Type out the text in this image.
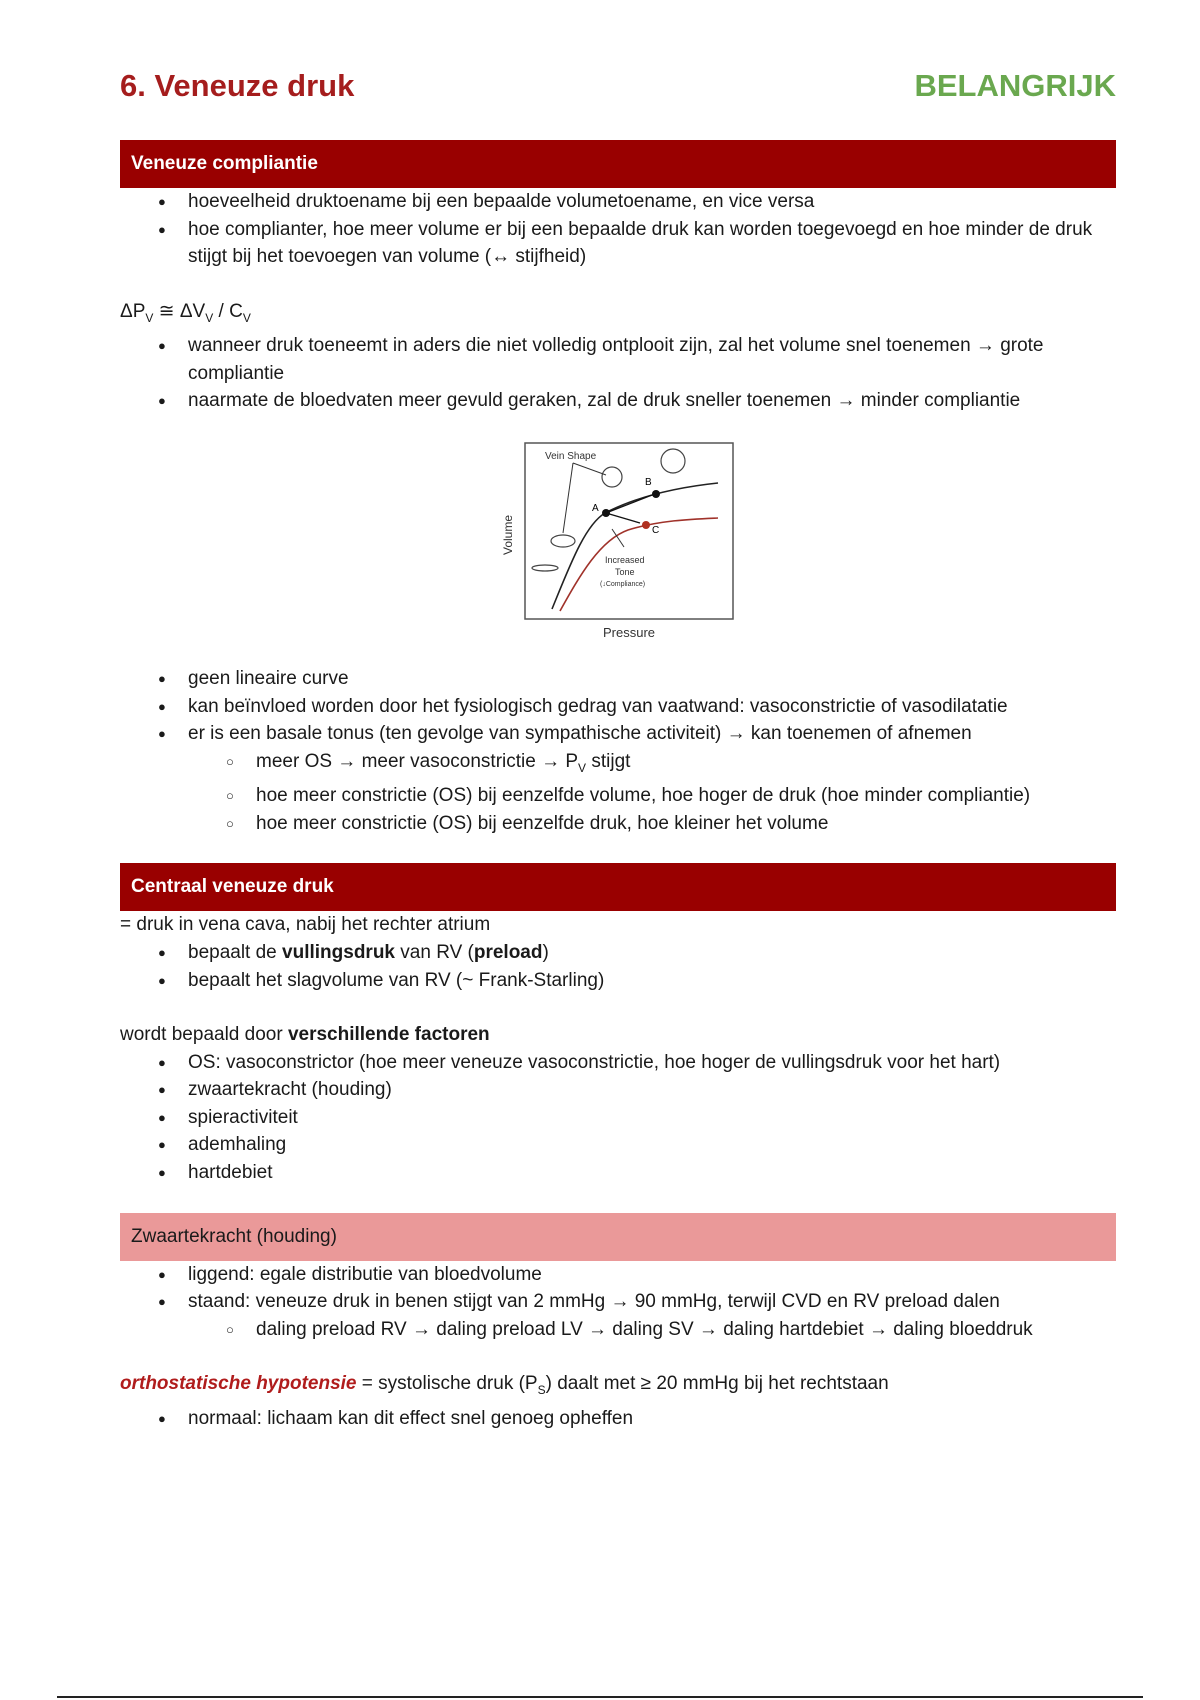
6. Veneuze druk	BELANGRIJK
Veneuze compliantie
● hoeveelheid druktoename bij een bepaalde volumetoename, en vice versa
● hoe complianter, hoe meer volume er bij een bepaalde druk kan worden toegevoegd en hoe minder de druk stijgt bij het toevoegen van volume (↔ stijfheid)
$\Delta P_V$ ≅ $\Delta V_V / C_V$
● wanneer druk toeneemt in aders die niet volledig ontplooit zijn, zal het volume snel toenemen → grote compliantie
● naarmate de bloedvaten meer gevuld geraken, zal de druk sneller toenemen → minder compliantie
Volume
Pressure
Vein Shape
A
B
C
Increased
Tone
(↓Compliance)
● geen lineaire curve
● kan beïnvloed worden door het fysiologisch gedrag van vaatwand: vasoconstrictie of vasodilatatie
● er is een basale tonus (ten gevolge van sympathische activiteit) → kan toenemen of afnemen
○ meer OS → meer vasoconstrictie → $P_V$ stijgt
○ hoe meer constrictie (OS) bij eenzelfde volume, hoe hoger de druk (hoe minder compliantie)
○ hoe meer constrictie (OS) bij eenzelfde druk, hoe kleiner het volume
Centraal veneuze druk
= druk in vena cava, nabij het rechter atrium
● bepaalt de vullingsdruk van RV (preload)
● bepaalt het slagvolume van RV (~ Frank-Starling)
wordt bepaald door verschillende factoren
● OS: vasoconstrictor (hoe meer veneuze vasoconstrictie, hoe hoger de vullingsdruk voor het hart)
● zwaartekracht (houding)
● spieractiviteit
● ademhaling
● hartdebiet
Zwaartekracht (houding)
● liggend: egale distributie van bloedvolume
● staand: veneuze druk in benen stijgt van 2 mmHg → 90 mmHg, terwijl CVD en RV preload dalen
○ daling preload RV → daling preload LV → daling SV → daling hartdebiet → daling bloeddruk
orthostatische hypotensie = systolische druk $(P_S)$ daalt met ≥ 20 mmHg bij het rechtstaan
● normaal: lichaam kan dit effect snel genoeg opheffen
